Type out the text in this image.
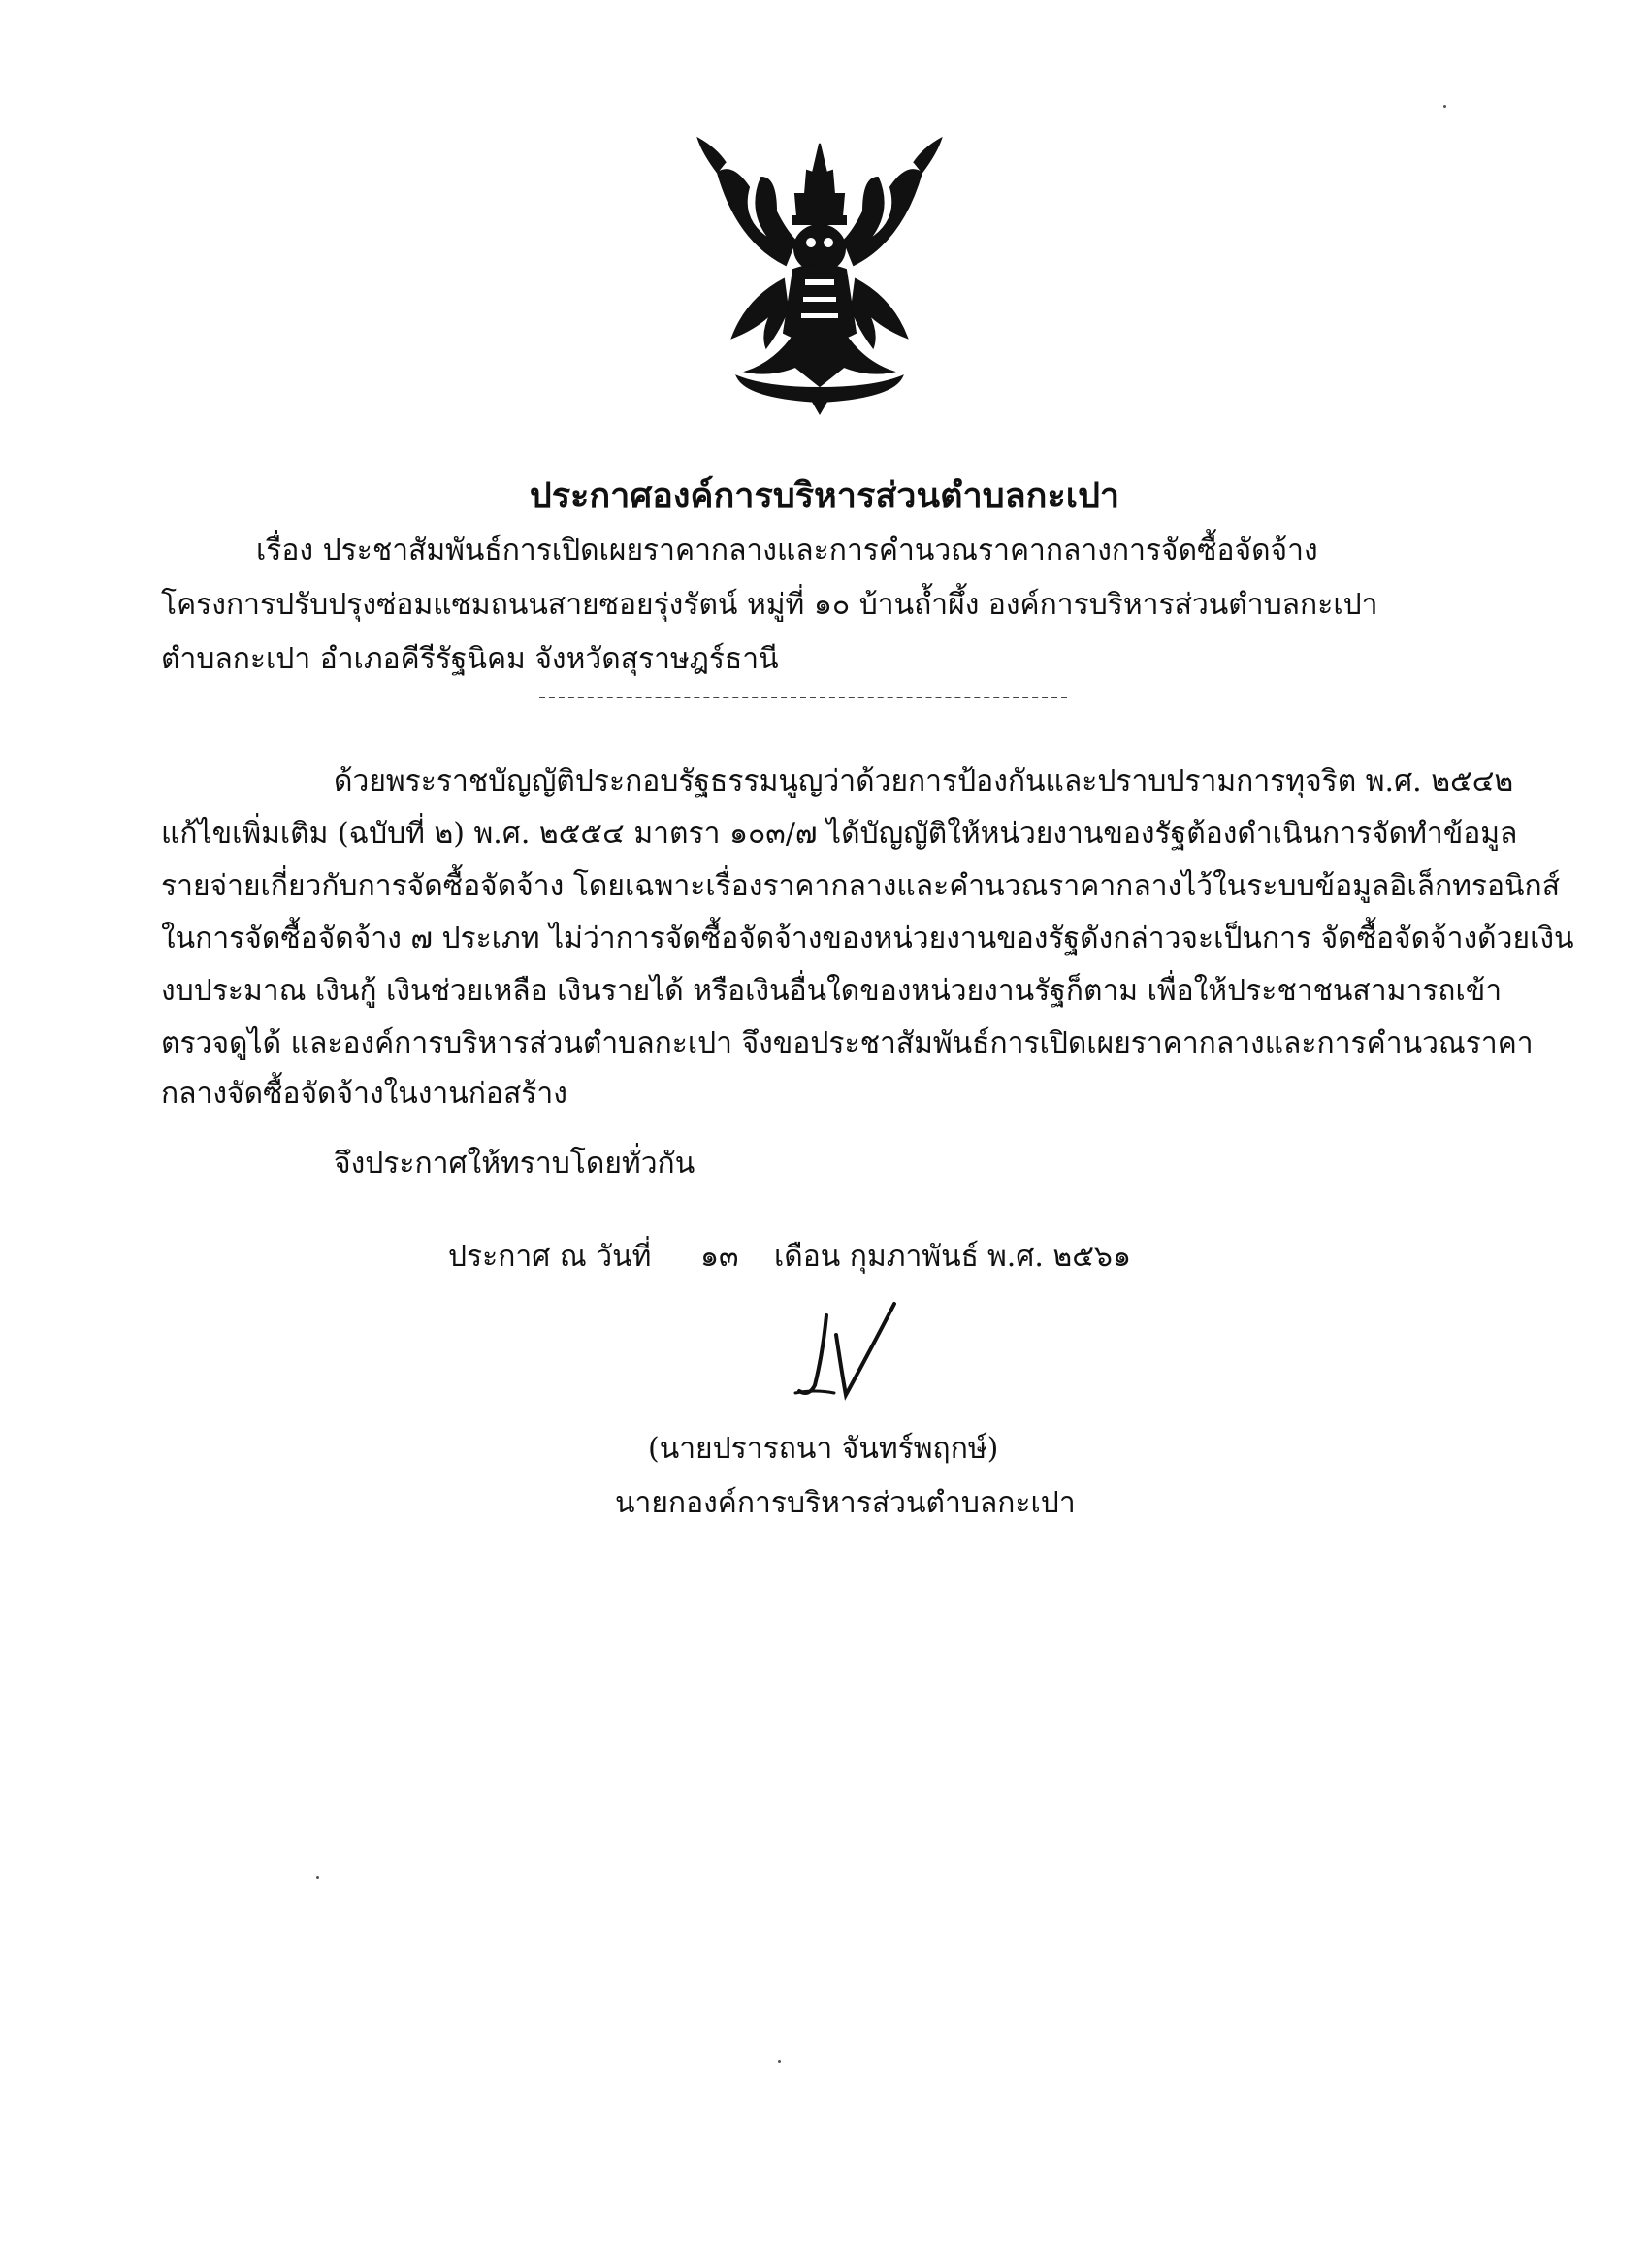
ประกาศองค์การบริหารส่วนตำบลกะเปา
เรื่อง ประชาสัมพันธ์การเปิดเผยราคากลางและการคำนวณราคากลางการจัดซื้อจัดจ้าง
โครงการปรับปรุงซ่อมแซมถนนสายซอยรุ่งรัตน์ หมู่ที่ ๑๐ บ้านถ้ำผึ้ง องค์การบริหารส่วนตำบลกะเปา
ตำบลกะเปา อำเภอคีรีรัฐนิคม จังหวัดสุราษฎร์ธานี
ด้วยพระราชบัญญัติประกอบรัฐธรรมนูญว่าด้วยการป้องกันและปราบปรามการทุจริต พ.ศ. ๒๕๔๒
แก้ไขเพิ่มเติม (ฉบับที่ ๒) พ.ศ. ๒๕๕๔ มาตรา ๑๐๓/๗ ได้บัญญัติให้หน่วยงานของรัฐต้องดำเนินการจัดทำข้อมูล
รายจ่ายเกี่ยวกับการจัดซื้อจัดจ้าง โดยเฉพาะเรื่องราคากลางและคำนวณราคากลางไว้ในระบบข้อมูลอิเล็กทรอนิกส์
ในการจัดซื้อจัดจ้าง ๗ ประเภท ไม่ว่าการจัดซื้อจัดจ้างของหน่วยงานของรัฐดังกล่าวจะเป็นการ จัดซื้อจัดจ้างด้วยเงิน
งบประมาณ เงินกู้ เงินช่วยเหลือ เงินรายได้ หรือเงินอื่นใดของหน่วยงานรัฐก็ตาม เพื่อให้ประชาชนสามารถเข้า
ตรวจดูได้ และองค์การบริหารส่วนตำบลกะเปา จึงขอประชาสัมพันธ์การเปิดเผยราคากลางและการคำนวณราคา
กลางจัดซื้อจัดจ้างในงานก่อสร้าง
จึงประกาศให้ทราบโดยทั่วกัน
ประกาศ ณ วันที่ ๑๓ เดือน กุมภาพันธ์ พ.ศ. ๒๕๖๑
(นายปรารถนา จันทร์พฤกษ์)
นายกองค์การบริหารส่วนตำบลกะเปา
